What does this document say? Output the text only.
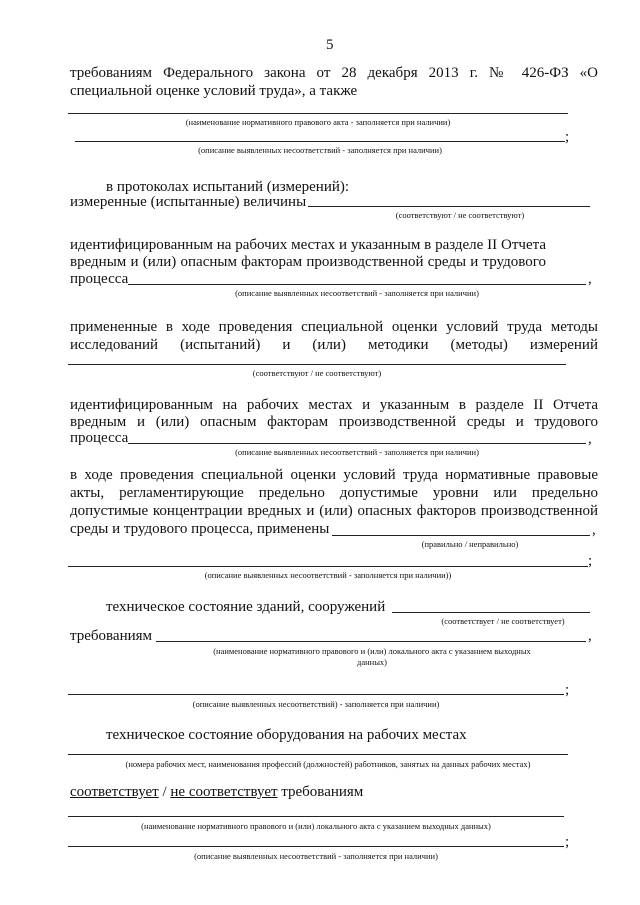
5
требованиям Федерального закона от 28 декабря 2013 г. № 426-ФЗ «О
специальной оценке условий труда», а также
(наименование нормативного правового акта - заполняется при наличии)
;
(описание выявленных несоответствий - заполняется при наличии)
в протоколах испытаний (измерений):
измеренные (испытанные) величины
(соответствуют / не соответствуют)
идентифицированным на рабочих местах и указанным в разделе II Отчета
вредным и (или) опасным факторам производственной среды и трудового
процесса	,
(описание выявленных несоответствий - заполняется при наличии)
примененные в ходе проведения специальной оценки условий труда методы
исследований (испытаний) и (или) методики (методы) измерений
(соответствуют / не соответствуют)
идентифицированным на рабочих местах и указанным в разделе II Отчета
вредным и (или) опасным факторам производственной среды и трудового
процесса	,
(описание выявленных несоответствий - заполняется при наличии)
в ходе проведения специальной оценки условий труда нормативные правовые
акты, регламентирующие предельно допустимые уровни или предельно
допустимые концентрации вредных и (или) опасных факторов производственной
среды и трудового процесса, применены	,
(правильно / неправильно)
;
(описание выявленных несоответствий - заполняется при наличии))
техническое состояние зданий, сооружений
(соответствует / не соответствует)
требованиям	,
(наименование нормативного правового и (или) локального акта с указанием выходных
данных)
;
(описание выявленных несоответствий) - заполняется при наличии)
техническое состояние оборудования на рабочих местах
(номера рабочих мест, наименования профессий (должностей) работников, занятых на данных рабочих местах)
соответствует / не соответствует требованиям
(наименование нормативного правового и (или) локального акта с указанием выходных данных)
;
(описание выявленных несоответствий - заполняется при наличии)
